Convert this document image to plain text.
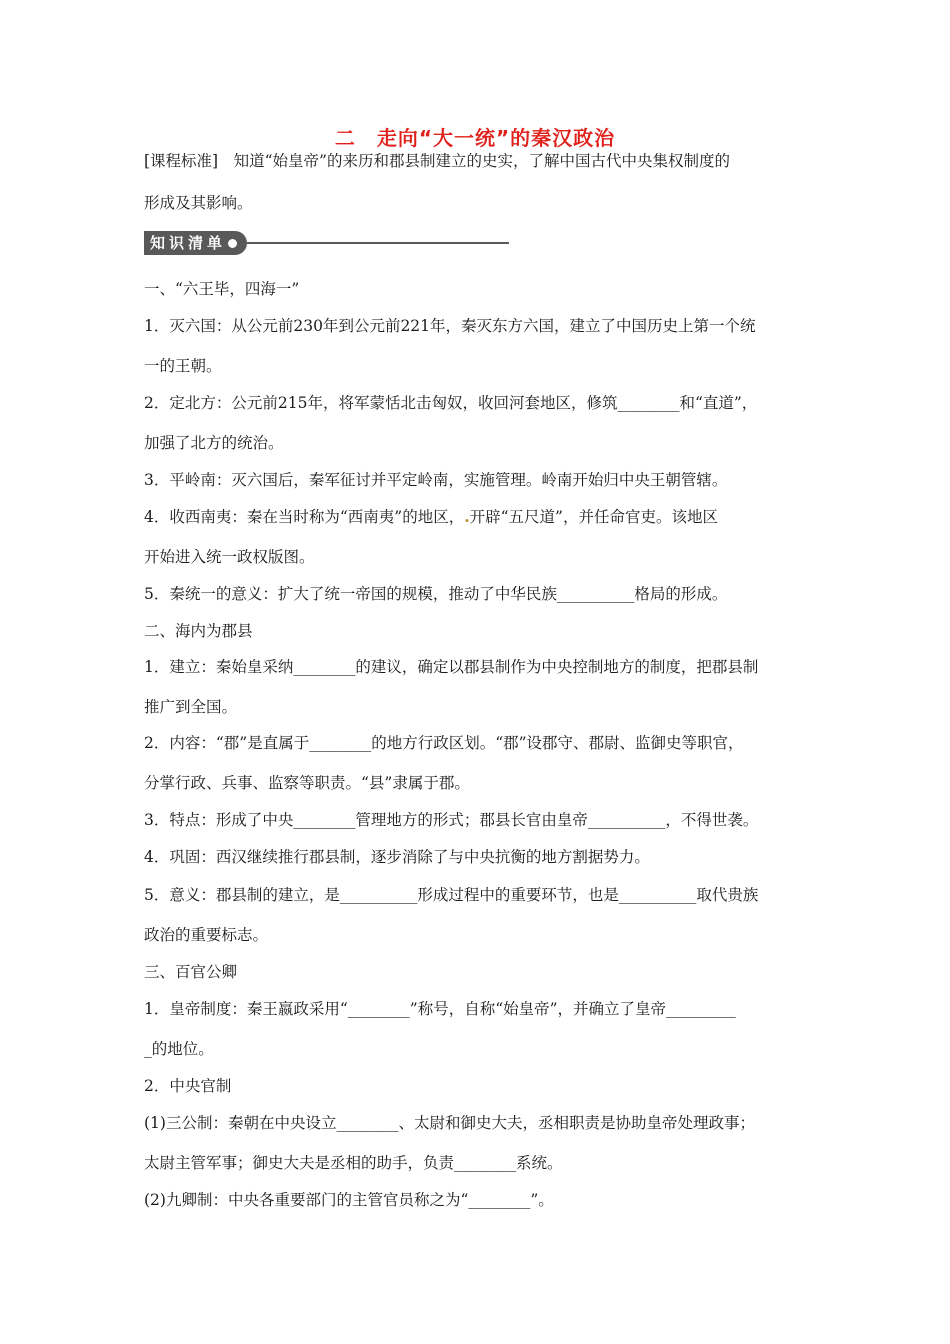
二　走向“大一统”的秦汉政治
[课程标准]　知道“始皇帝”的来历和郡县制建立的史实，了解中国古代中央集权制度的
形成及其影响。
知识清单
一、“六王毕，四海一”
1．灭六国：从公元前230年到公元前221年，秦灭东方六国，建立了中国历史上第一个统
一的王朝。
2．定北方：公元前215年，将军蒙恬北击匈奴，收回河套地区，修筑________和“直道”，
加强了北方的统治。
3．平岭南：灭六国后，秦军征讨并平定岭南，实施管理。岭南开始归中央王朝管辖。
4．收西南夷：秦在当时称为“西南夷”的地区，.开辟“五尺道”，并任命官吏。该地区
开始进入统一政权版图。
5．秦统一的意义：扩大了统一帝国的规模，推动了中华民族__________格局的形成。
二、海内为郡县
1．建立：秦始皇采纳________的建议，确定以郡县制作为中央控制地方的制度，把郡县制
推广到全国。
2．内容：“郡”是直属于________的地方行政区划。“郡”设郡守、郡尉、监御史等职官，
分掌行政、兵事、监察等职责。“县”隶属于郡。
3．特点：形成了中央________管理地方的形式；郡县长官由皇帝__________，不得世袭。
4．巩固：西汉继续推行郡县制，逐步消除了与中央抗衡的地方割据势力。
5．意义：郡县制的建立，是__________形成过程中的重要环节，也是__________取代贵族
政治的重要标志。
三、百官公卿
1．皇帝制度：秦王嬴政采用“________”称号，自称“始皇帝”，并确立了皇帝_________
_的地位。
2．中央官制
(1)三公制：秦朝在中央设立________、太尉和御史大夫，丞相职责是协助皇帝处理政事；
太尉主管军事；御史大夫是丞相的助手，负责________系统。
(2)九卿制：中央各重要部门的主管官员称之为“________”。
